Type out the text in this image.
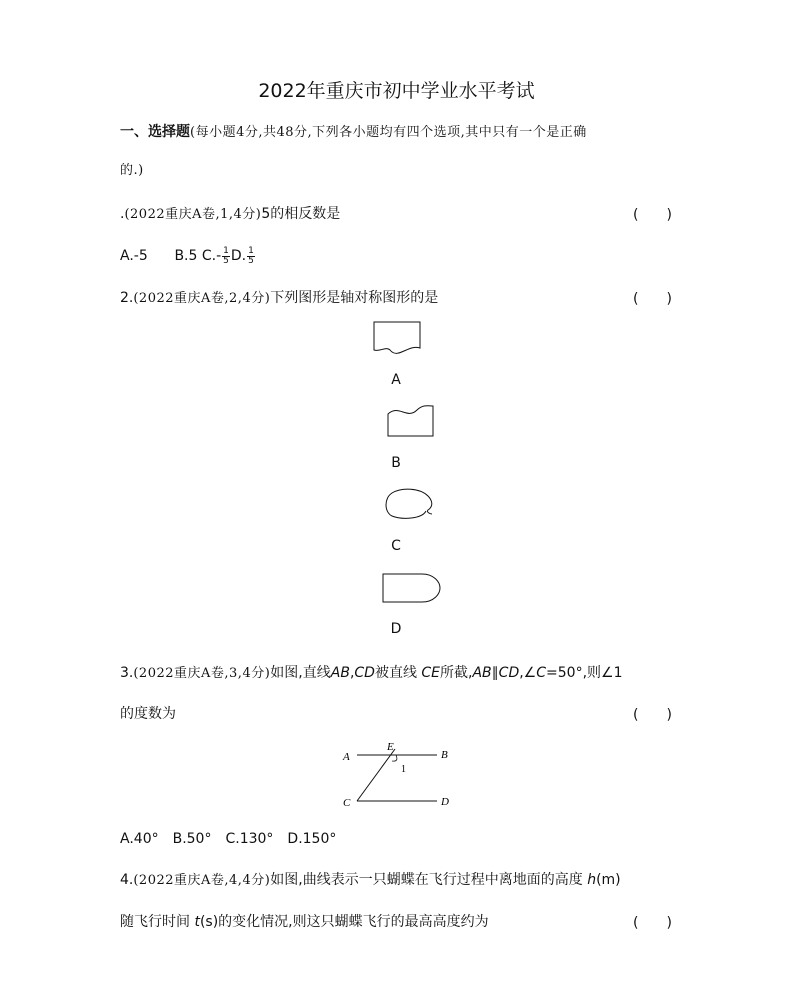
2022年重庆市初中学业水平考试
一、选择题(每小题4分,共48分,下列各小题均有四个选项,其中只有一个是正确
的.)
.(2022重庆A卷,1,4分)5的相反数是	(　　)
A.-5 B.5 $C.- \frac{1}{5} D$. $\frac{1}{5}$
2.(2022重庆A卷,2,4分)下列图形是轴对称图形的是	(　　)
A
B
C
D
3.(2022重庆A卷,3,4分)如图,直线AB,CD被直线 CE所截,AB∥CD,∠C=50°,则∠1
的度数为	(　　)
A	B
C	D
E
1
A.40°　B.50°　C.130°　D.150°
4.(2022重庆A卷,4,4分)如图,曲线表示一只蝴蝶在飞行过程中离地面的高度 h(m)
随飞行时间 t(s)的变化情况,则这只蝴蝶飞行的最高高度约为	(　　)
